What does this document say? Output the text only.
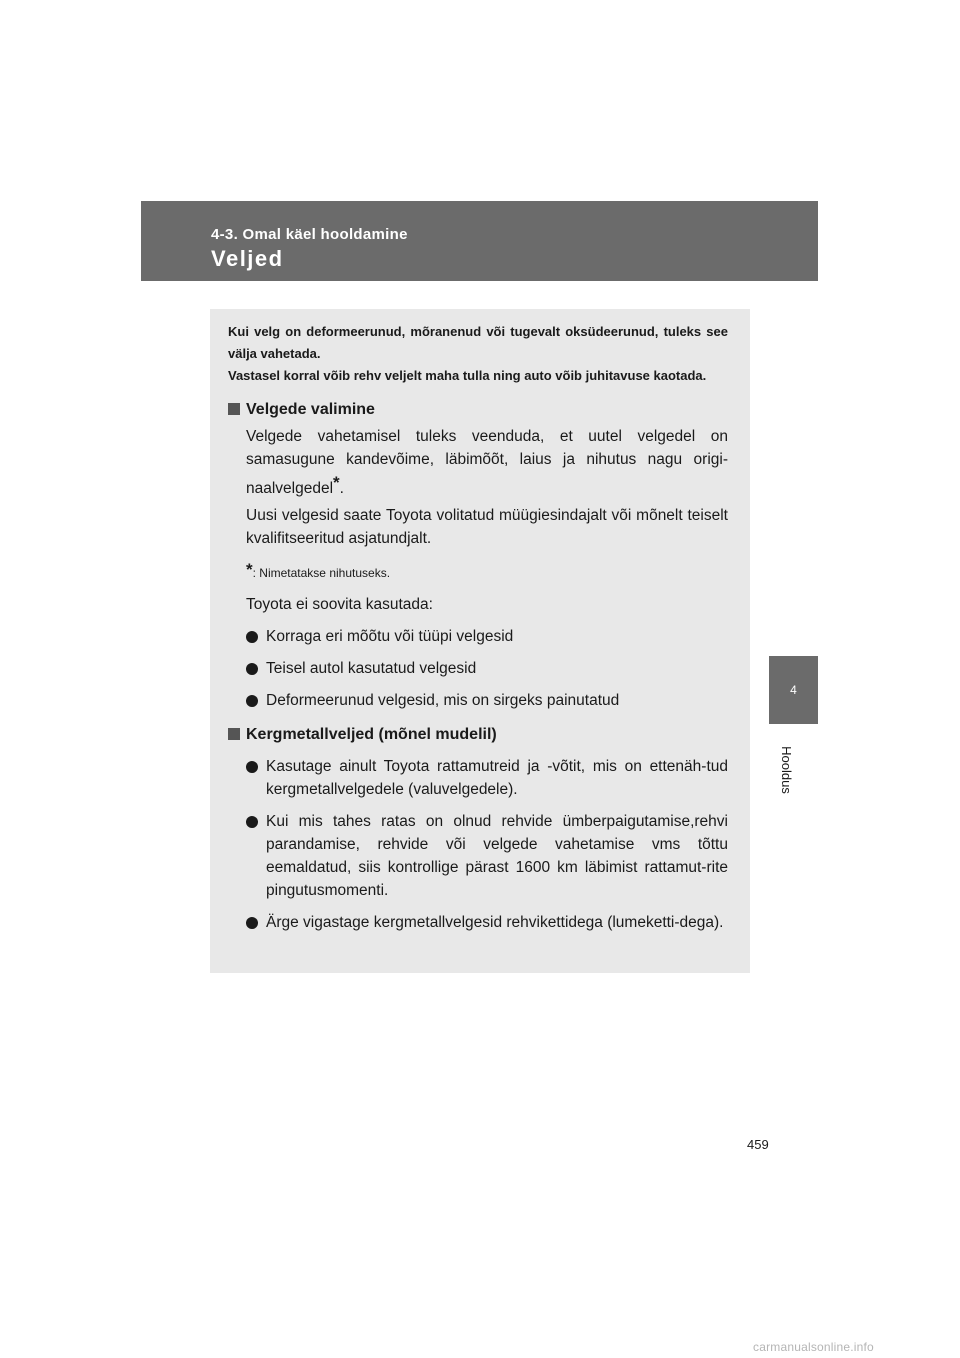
4-3. Omal käel hooldamine
Veljed
4
Hooldus

Kui velg on deformeerunud, mõranenud või tugevalt oksüdeerunud, tuleks see välja vahetada.

Vastasel korral võib rehv veljelt maha tulla ning auto võib juhitavuse kaotada.

Velgede valimine

Velgede vahetamisel tuleks veenduda, et uutel velgedel on samasugune kandevõime, läbimõõt, laius ja nihutus nagu origi-naalvelgedel*.

Uusi velgesid saate Toyota volitatud müügiesindajalt või mõnelt teiselt kvalifitseeritud asjatundjalt.

*: Nimetatakse nihutuseks.
Toyota ei soovita kasutada:
Korraga eri mõõtu või tüüpi velgesid
Teisel autol kasutatud velgesid
Deformeerunud velgesid, mis on sirgeks painutatud
Kergmetallveljed (mõnel mudelil)
Kasutage ainult Toyota rattamutreid ja -võtit, mis on ettenäh-tud kergmetallvelgedele (valuvelgedele).
Kui mis tahes ratas on olnud rehvide ümberpaigutamise,rehvi parandamise, rehvide või velgede vahetamise vms tõttu eemaldatud, siis kontrollige pärast 1600 km läbimist rattamut-rite pingutusmomenti.
Ärge vigastage kergmetallvelgesid rehvikettidega (lumeketti-dega).
459
carmanualsonline.info
